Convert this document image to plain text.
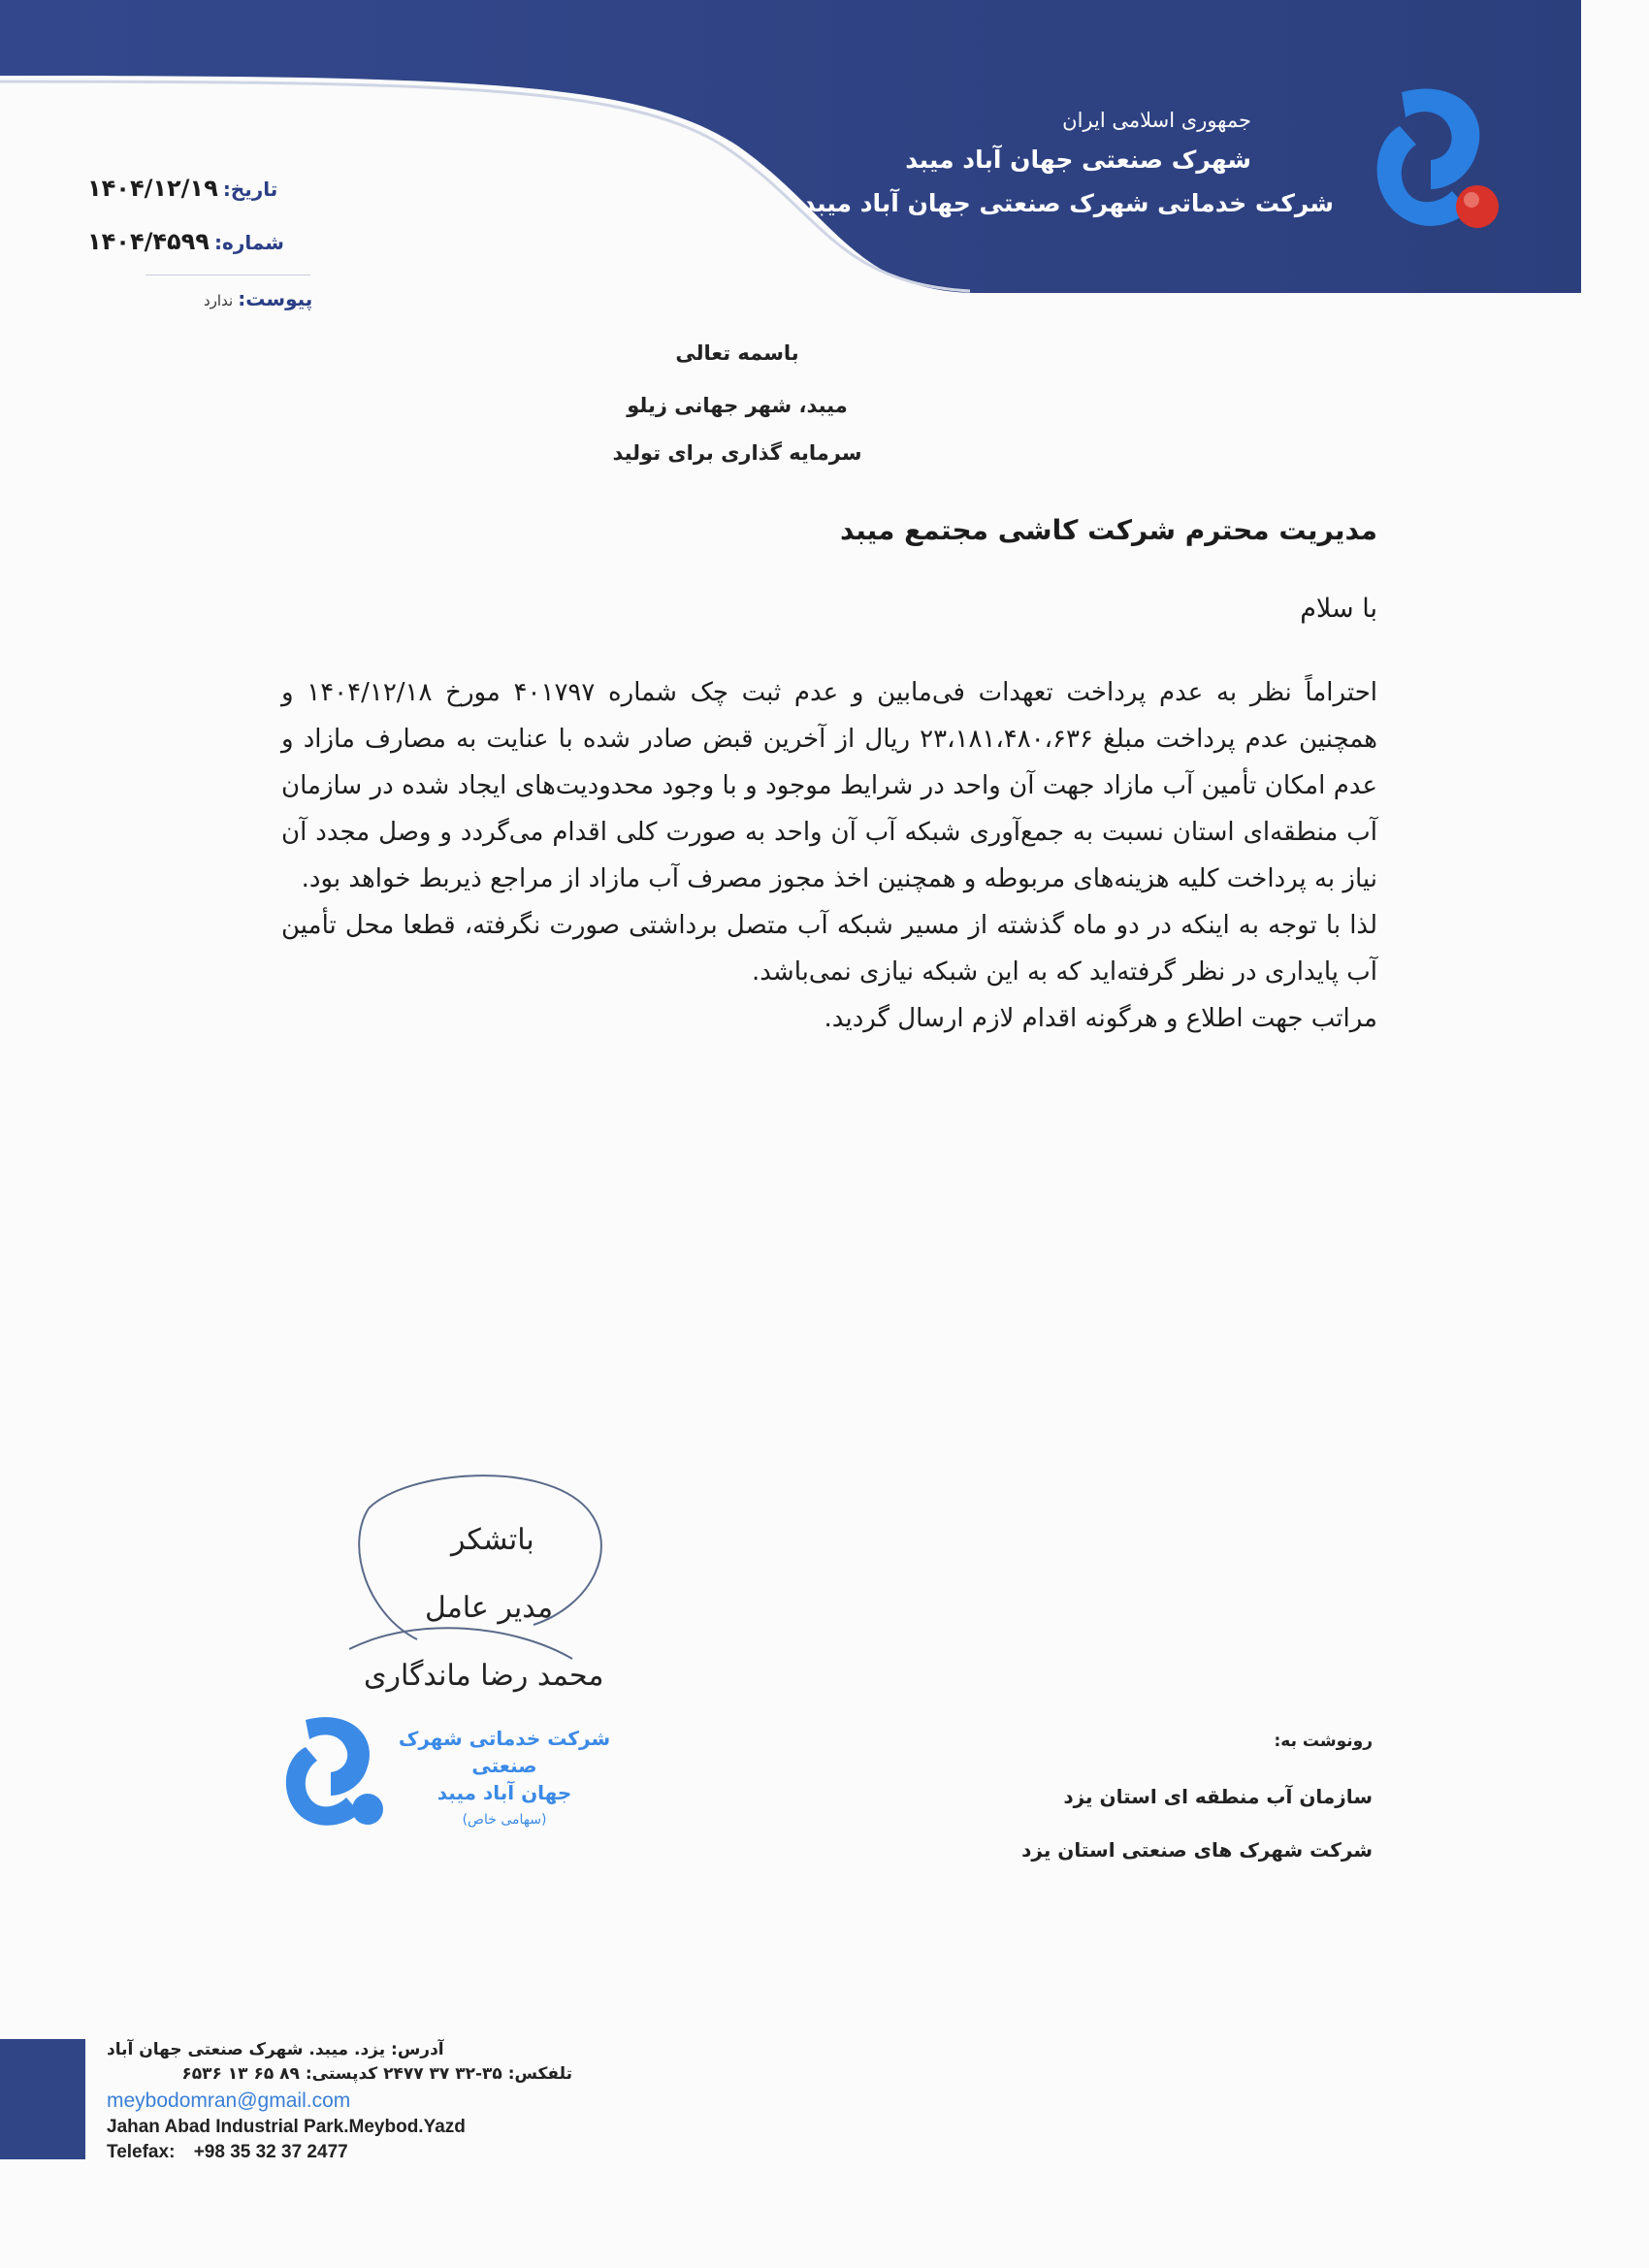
جمهوری اسلامی ایران
شهرک صنعتی جهان آباد میبد
شرکت خدماتی شهرک صنعتی جهان آباد میبد
تاریخ: ۱۴۰۴/۱۲/۱۹
شماره: ۱۴۰۴/۴۵۹۹
پیوست: ندارد
باسمه تعالی
میبد، شهر جهانی زیلو
سرمایه گذاری برای تولید
مدیریت محترم شرکت کاشی مجتمع میبد
با سلام

احتراماً نظر به عدم پرداخت تعهدات فی‌مابین و عدم ثبت چک شماره ۴۰۱۷۹۷ مورخ ۱۴۰۴/۱۲/۱۸ و همچنین عدم پرداخت مبلغ ۲۳،۱۸۱،۴۸۰،۶۳۶ ریال از آخرین قبض صادر شده با عنایت به مصارف مازاد و عدم امکان تأمین آب مازاد جهت آن واحد در شرایط موجود و با وجود محدودیت‌های ایجاد شده در سازمان آب منطقه‌ای استان نسبت به جمع‌آوری شبکه آب آن واحد به صورت کلی اقدام می‌گردد و وصل مجدد آن نیاز به پرداخت کلیه هزینه‌های مربوطه و همچنین اخذ مجوز مصرف آب مازاد از مراجع ذیربط خواهد بود.

لذا با توجه به اینکه در دو ماه گذشته از مسیر شبکه آب متصل برداشتی صورت نگرفته، قطعا محل تأمین آب پایداری در نظر گرفته‌اید که به این شبکه نیازی نمی‌باشد.

مراتب جهت اطلاع و هرگونه اقدام لازم ارسال گردید.

باتشکر
مدیر عامل
محمد رضا ماندگاری
شرکت خدماتی شهرک صنعتی
جهان آباد میبد
(سهامی خاص)
رونوشت به:
سازمان آب منطقه ای استان یزد
شرکت شهرک های صنعتی استان یزد
آدرس: یزد. میبد. شهرک صنعتی جهان آباد
تلفکس: ۳۵-۳۲ ۳۷ ۲۴۷۷ کدپستی: ۸۹ ۶۵ ۱۳ ۶۵۳۶
meybodomran@gmail.com
Jahan Abad Industrial Park.Meybod.Yazd
Telefax: +98 35 32 37 2477
